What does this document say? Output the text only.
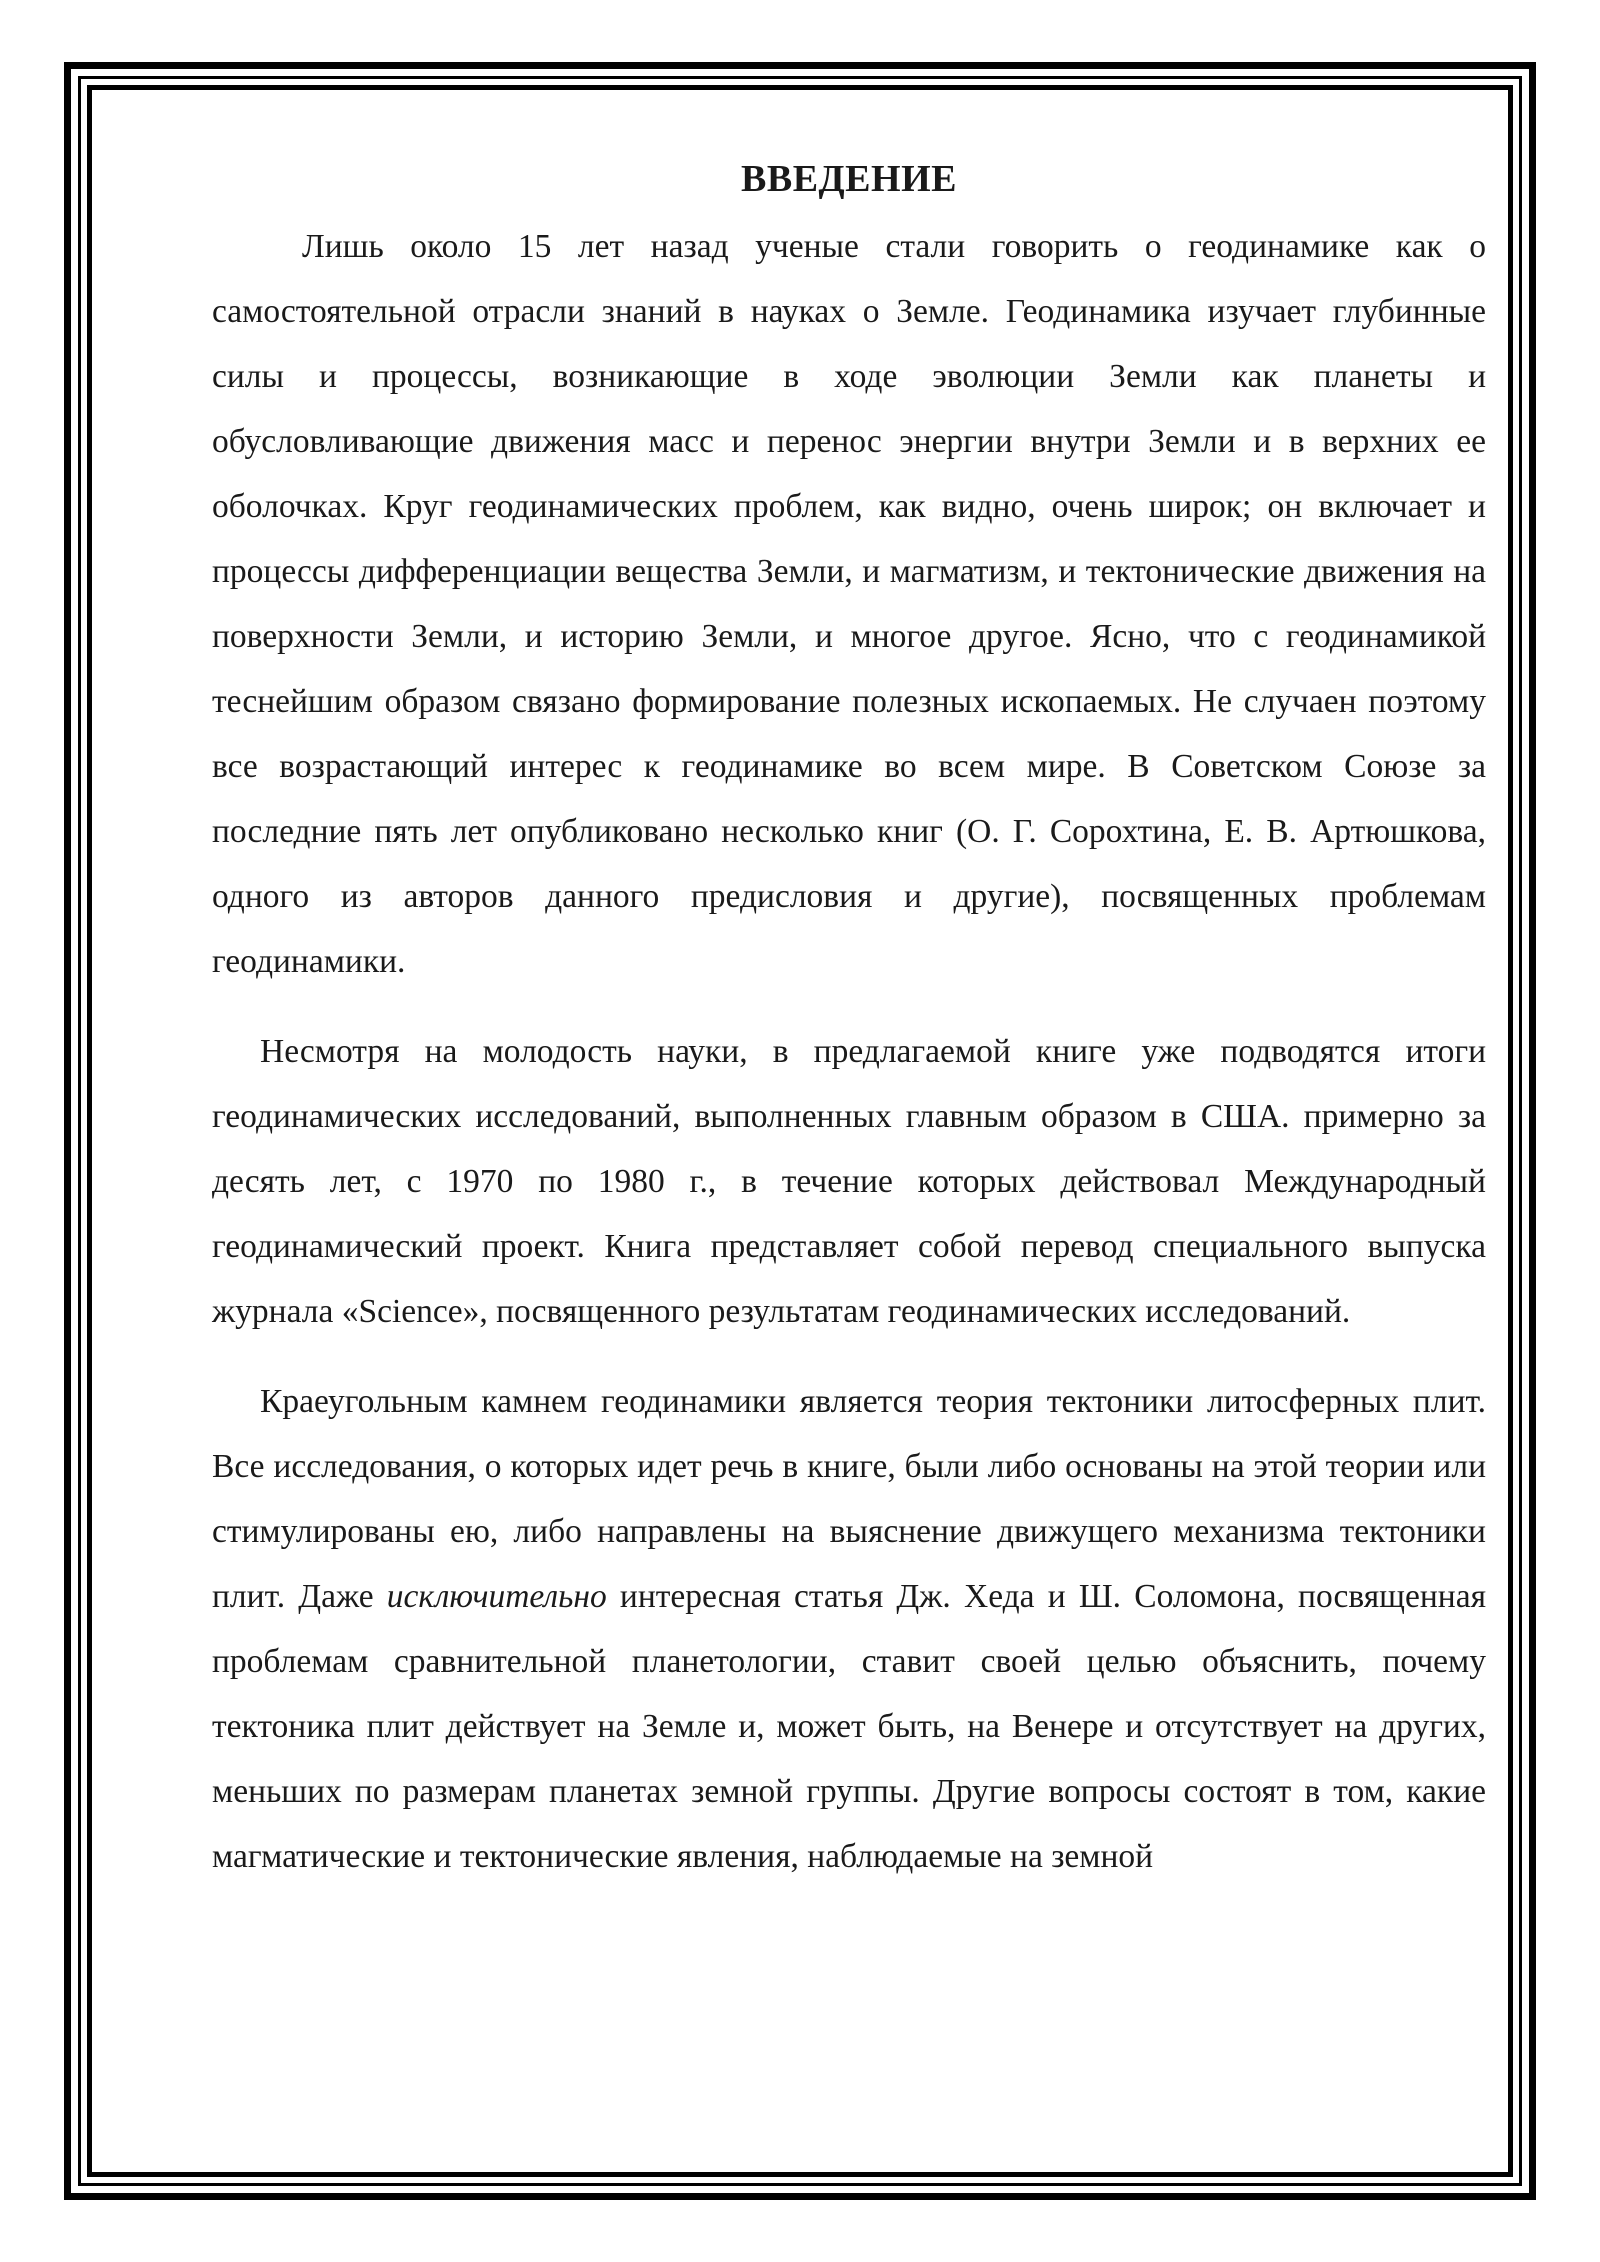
ВВЕДЕНИЕ

Лишь около 15 лет назад ученые стали говорить о геодинамике как о самостоятельной отрасли знаний в науках о Земле. Геодинамика изучает глубинные силы и процессы, возникающие в ходе эволюции Земли как планеты и обусловливающие движения масс и перенос энергии внутри Земли и в верхних ее оболочках. Круг геодинамических проблем, как видно, очень широк; он включает и процессы дифференциации вещества Земли, и магматизм, и тектонические движения на поверхности Земли, и историю Земли, и многое другое. Ясно, что с геодинамикой теснейшим образом связано формирование полезных ископаемых. Не случаен поэтому все возрастающий интерес к геодинамике во всем мире. В Советском Союзе за последние пять лет опубликовано несколько книг (О. Г. Сорохтина, Е. В. Артюшкова, одного из авторов данного предисловия и другие), посвященных проблемам геодинамики.

Несмотря на молодость науки, в предлагаемой книге уже подводятся итоги геодинамических исследований, выполненных главным образом в США. примерно за десять лет, с 1970 по 1980 г., в течение которых действовал Международный геодинамический проект. Книга представляет собой перевод специального выпуска журнала «Science», посвященного результатам геодинамических исследований.

Краеугольным камнем геодинамики является теория тектоники литосферных плит. Все исследования, о которых идет речь в книге, были либо основаны на этой теории или стимулированы ею, либо направлены на выяснение движущего механизма тектоники плит. Даже исключительно интересная статья Дж. Хеда и Ш. Соломона, посвященная проблемам сравнительной планетологии, ставит своей целью объяснить, почему тектоника плит действует на Земле и, может быть, на Венере и отсутствует на других, меньших по размерам планетах земной группы. Другие вопросы состоят в том, какие магматические и тектонические явления, наблюдаемые на земной
